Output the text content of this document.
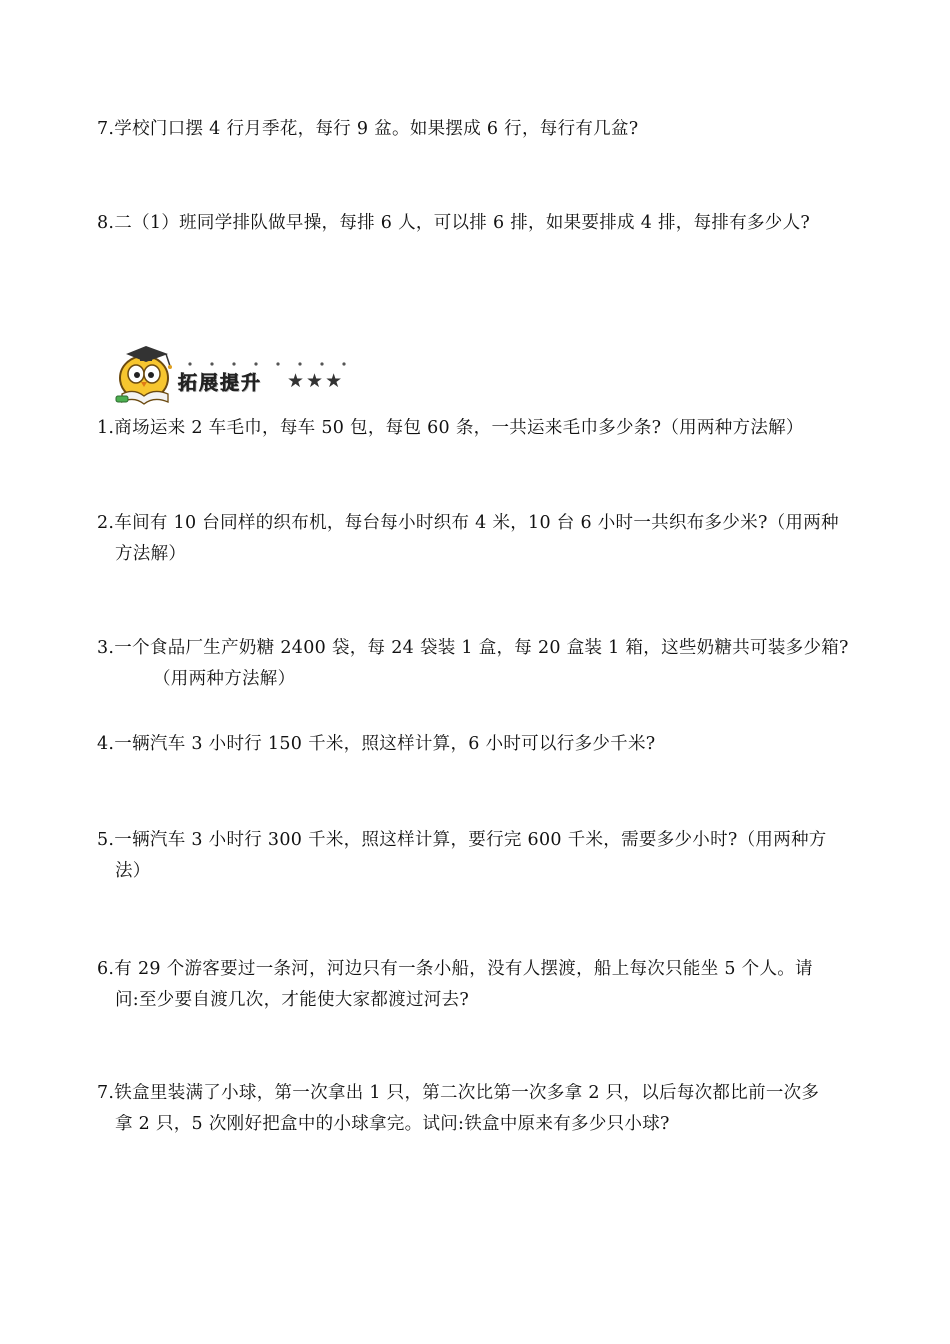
7.学校门口摆 4 行月季花，每行 9 盆。如果摆成 6 行，每行有几盆?
8.二（1）班同学排队做早操，每排 6 人，可以排 6 排，如果要排成 4 排，每排有多少人?
拓展提升 ★★★
1.商场运来 2 车毛巾，每车 50 包，每包 60 条，一共运来毛巾多少条?（用两种方法解）
2.车间有 10 台同样的织布机，每台每小时织布 4 米，10 台 6 小时一共织布多少米?（用两种
方法解）
3.一个食品厂生产奶糖 2400 袋，每 24 袋装 1 盒，每 20 盒装 1 箱，这些奶糖共可装多少箱?
（用两种方法解）
4.一辆汽车 3 小时行 150 千米，照这样计算，6 小时可以行多少千米?
5.一辆汽车 3 小时行 300 千米，照这样计算，要行完 600 千米，需要多少小时?（用两种方
法）
6.有 29 个游客要过一条河，河边只有一条小船，没有人摆渡，船上每次只能坐 5 个人。请
问:至少要自渡几次，才能使大家都渡过河去?
7.铁盒里装满了小球，第一次拿出 1 只，第二次比第一次多拿 2 只，以后每次都比前一次多
拿 2 只，5 次刚好把盒中的小球拿完。试问:铁盒中原来有多少只小球?
